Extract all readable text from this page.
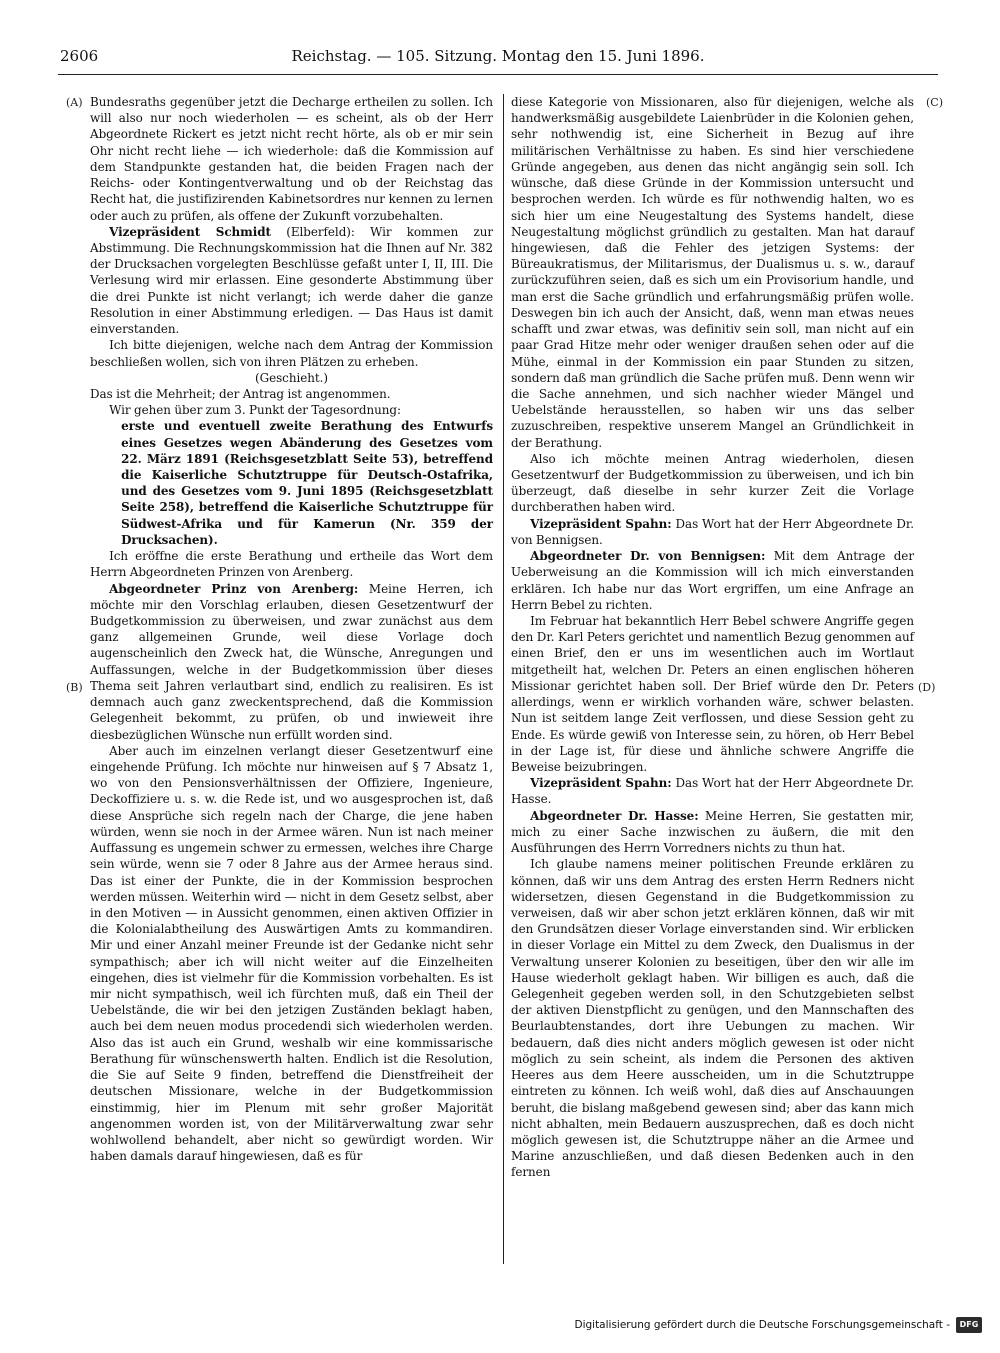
2606	Reichstag. — 105. Sitzung. Montag den 15. Juni 1896.
(A)
(B)
(C)
(D)

Bundesraths gegenüber jetzt die Decharge ertheilen zu sollen. Ich will also nur noch wiederholen — es scheint, als ob der Herr Abgeordnete Rickert es jetzt nicht recht hörte, als ob er mir sein Ohr nicht recht liehe — ich wiederhole: daß die Kommission auf dem Standpunkte gestanden hat, die beiden Fragen nach der Reichs- oder Kontingentverwaltung und ob der Reichstag das Recht hat, die justifizirenden Kabinetsordres nur kennen zu lernen oder auch zu prüfen, als offene der Zukunft vorzubehalten.

Vizepräsident Schmidt (Elberfeld): Wir kommen zur Abstimmung. Die Rechnungskommission hat die Ihnen auf Nr. 382 der Drucksachen vorgelegten Beschlüsse gefaßt unter I, II, III. Die Verlesung wird mir erlassen. Eine gesonderte Abstimmung über die drei Punkte ist nicht verlangt; ich werde daher die ganze Resolution in einer Abstimmung erledigen. — Das Haus ist damit einverstanden.

Ich bitte diejenigen, welche nach dem Antrag der Kommission beschließen wollen, sich von ihren Plätzen zu erheben.

(Geschieht.)

Das ist die Mehrheit; der Antrag ist angenommen.

Wir gehen über zum 3. Punkt der Tagesordnung:

erste und eventuell zweite Berathung des Entwurfs eines Gesetzes wegen Abänderung des Gesetzes vom 22. März 1891 (Reichsgesetzblatt Seite 53), betreffend die Kaiserliche Schutztruppe für Deutsch-Ostafrika, und des Gesetzes vom 9. Juni 1895 (Reichsgesetzblatt Seite 258), betreffend die Kaiserliche Schutztruppe für Südwest-Afrika und für Kamerun (Nr. 359 der Drucksachen).

Ich eröffne die erste Berathung und ertheile das Wort dem Herrn Abgeordneten Prinzen von Arenberg.

Abgeordneter Prinz von Arenberg: Meine Herren, ich möchte mir den Vorschlag erlauben, diesen Gesetzentwurf der Budgetkommission zu überweisen, und zwar zunächst aus dem ganz allgemeinen Grunde, weil diese Vorlage doch augenscheinlich den Zweck hat, die Wünsche, Anregungen und Auffassungen, welche in der Budgetkommission über dieses Thema seit Jahren verlautbart sind, endlich zu realisiren. Es ist demnach auch ganz zweckentsprechend, daß die Kommission Gelegenheit bekommt, zu prüfen, ob und inwieweit ihre diesbezüglichen Wünsche nun erfüllt worden sind.

Aber auch im einzelnen verlangt dieser Gesetzentwurf eine eingehende Prüfung. Ich möchte nur hinweisen auf § 7 Absatz 1, wo von den Pensionsverhältnissen der Offiziere, Ingenieure, Deckoffiziere u. s. w. die Rede ist, und wo ausgesprochen ist, daß diese Ansprüche sich regeln nach der Charge, die jene haben würden, wenn sie noch in der Armee wären. Nun ist nach meiner Auffassung es ungemein schwer zu ermessen, welches ihre Charge sein würde, wenn sie 7 oder 8 Jahre aus der Armee heraus sind. Das ist einer der Punkte, die in der Kommission besprochen werden müssen. Weiterhin wird — nicht in dem Gesetz selbst, aber in den Motiven — in Aussicht genommen, einen aktiven Offizier in die Kolonialabtheilung des Auswärtigen Amts zu kommandiren. Mir und einer Anzahl meiner Freunde ist der Gedanke nicht sehr sympathisch; aber ich will nicht weiter auf die Einzelheiten eingehen, dies ist vielmehr für die Kommission vorbehalten. Es ist mir nicht sympathisch, weil ich fürchten muß, daß ein Theil der Uebelstände, die wir bei den jetzigen Zuständen beklagt haben, auch bei dem neuen modus procedendi sich wiederholen werden. Also das ist auch ein Grund, weshalb wir eine kommissarische Berathung für wünschenswerth halten. Endlich ist die Resolution, die Sie auf Seite 9 finden, betreffend die Dienstfreiheit der deutschen Missionare, welche in der Budgetkommission einstimmig, hier im Plenum mit sehr großer Majorität angenommen worden ist, von der Militärverwaltung zwar sehr wohlwollend behandelt, aber nicht so gewürdigt worden. Wir haben damals darauf hingewiesen, daß es für

diese Kategorie von Missionaren, also für diejenigen, welche als handwerksmäßig ausgebildete Laienbrüder in die Kolonien gehen, sehr nothwendig ist, eine Sicherheit in Bezug auf ihre militärischen Verhältnisse zu haben. Es sind hier verschiedene Gründe angegeben, aus denen das nicht angängig sein soll. Ich wünsche, daß diese Gründe in der Kommission untersucht und besprochen werden. Ich würde es für nothwendig halten, wo es sich hier um eine Neugestaltung des Systems handelt, diese Neugestaltung möglichst gründlich zu gestalten. Man hat darauf hingewiesen, daß die Fehler des jetzigen Systems: der Büreaukratismus, der Militarismus, der Dualismus u. s. w., darauf zurückzuführen seien, daß es sich um ein Provisorium handle, und man erst die Sache gründlich und erfahrungsmäßig prüfen wolle. Deswegen bin ich auch der Ansicht, daß, wenn man etwas neues schafft und zwar etwas, was definitiv sein soll, man nicht auf ein paar Grad Hitze mehr oder weniger draußen sehen oder auf die Mühe, einmal in der Kommission ein paar Stunden zu sitzen, sondern daß man gründlich die Sache prüfen muß. Denn wenn wir die Sache annehmen, und sich nachher wieder Mängel und Uebelstände herausstellen, so haben wir uns das selber zuzuschreiben, respektive unserem Mangel an Gründlichkeit in der Berathung.

Also ich möchte meinen Antrag wiederholen, diesen Gesetzentwurf der Budgetkommission zu überweisen, und ich bin überzeugt, daß dieselbe in sehr kurzer Zeit die Vorlage durchberathen haben wird.

Vizepräsident Spahn: Das Wort hat der Herr Abgeordnete Dr. von Bennigsen.

Abgeordneter Dr. von Bennigsen: Mit dem Antrage der Ueberweisung an die Kommission will ich mich einverstanden erklären. Ich habe nur das Wort ergriffen, um eine Anfrage an Herrn Bebel zu richten.

Im Februar hat bekanntlich Herr Bebel schwere Angriffe gegen den Dr. Karl Peters gerichtet und namentlich Bezug genommen auf einen Brief, den er uns im wesentlichen auch im Wortlaut mitgetheilt hat, welchen Dr. Peters an einen englischen höheren Missionar gerichtet haben soll. Der Brief würde den Dr. Peters allerdings, wenn er wirklich vorhanden wäre, schwer belasten. Nun ist seitdem lange Zeit verflossen, und diese Session geht zu Ende. Es würde gewiß von Interesse sein, zu hören, ob Herr Bebel in der Lage ist, für diese und ähnliche schwere Angriffe die Beweise beizubringen.

Vizepräsident Spahn: Das Wort hat der Herr Abgeordnete Dr. Hasse.

Abgeordneter Dr. Hasse: Meine Herren, Sie gestatten mir, mich zu einer Sache inzwischen zu äußern, die mit den Ausführungen des Herrn Vorredners nichts zu thun hat.

Ich glaube namens meiner politischen Freunde erklären zu können, daß wir uns dem Antrag des ersten Herrn Redners nicht widersetzen, diesen Gegenstand in die Budgetkommission zu verweisen, daß wir aber schon jetzt erklären können, daß wir mit den Grundsätzen dieser Vorlage einverstanden sind. Wir erblicken in dieser Vorlage ein Mittel zu dem Zweck, den Dualismus in der Verwaltung unserer Kolonien zu beseitigen, über den wir alle im Hause wiederholt geklagt haben. Wir billigen es auch, daß die Gelegenheit gegeben werden soll, in den Schutzgebieten selbst der aktiven Dienstpflicht zu genügen, und den Mannschaften des Beurlaubtenstandes, dort ihre Uebungen zu machen. Wir bedauern, daß dies nicht anders möglich gewesen ist oder nicht möglich zu sein scheint, als indem die Personen des aktiven Heeres aus dem Heere ausscheiden, um in die Schutztruppe eintreten zu können. Ich weiß wohl, daß dies auf Anschauungen beruht, die bislang maßgebend gewesen sind; aber das kann mich nicht abhalten, mein Bedauern auszusprechen, daß es doch nicht möglich gewesen ist, die Schutztruppe näher an die Armee und Marine anzuschließen, und daß diesen Bedenken auch in den fernen

Digitalisierung gefördert durch die Deutsche Forschungsgemeinschaft -	DFG
